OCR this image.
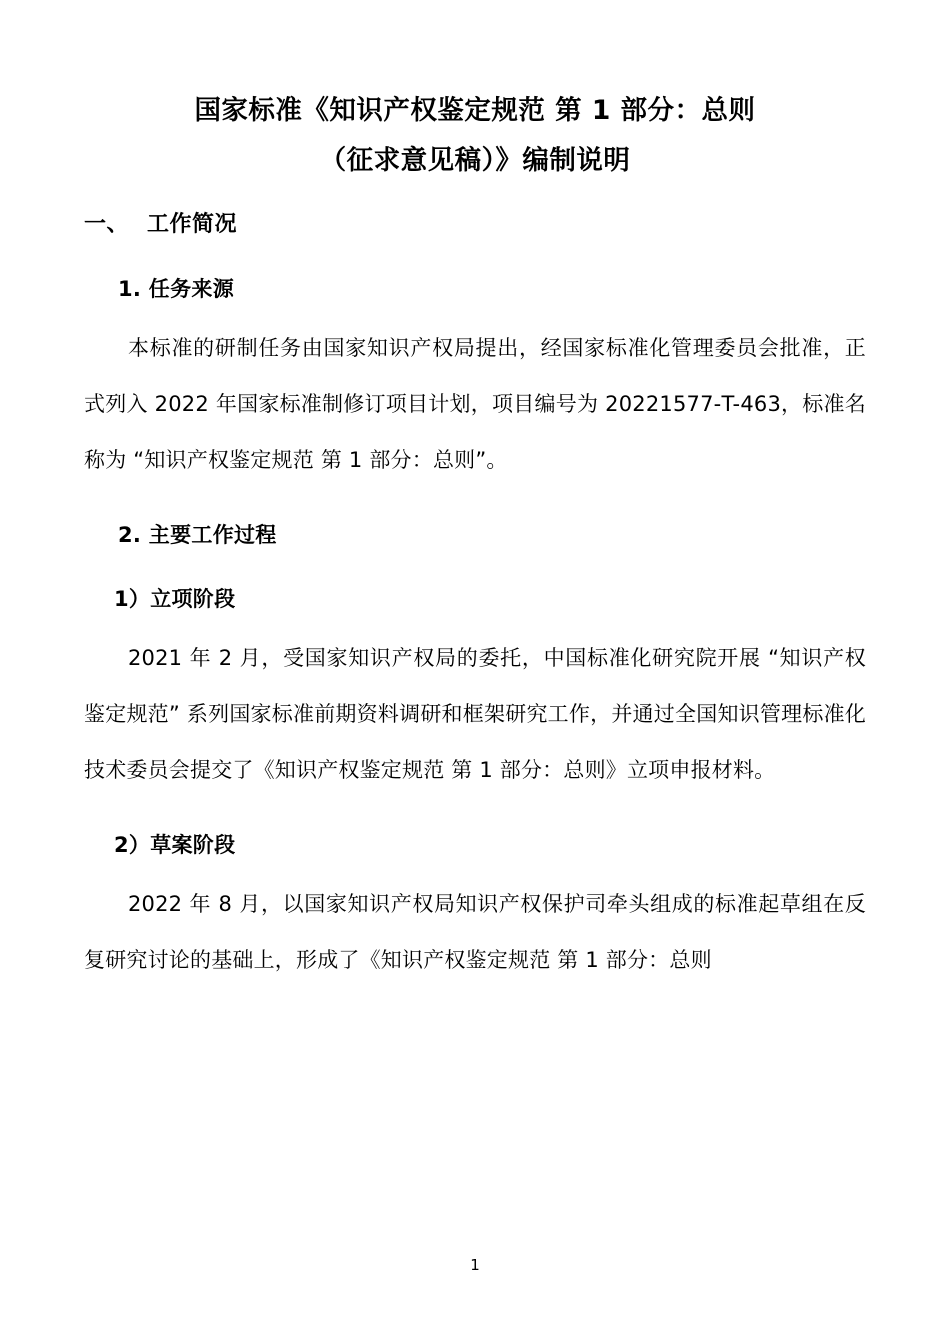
国家标准《知识产权鉴定规范 第 1 部分：总则
（征求意见稿）》编制说明
一、 工作简况
1. 任务来源

本标准的研制任务由国家知识产权局提出，经国家标准化管理委员会批准，正式列入 2022 年国家标准制修订项目计划，项目编号为 20221577-T-463，标准名称为 “知识产权鉴定规范 第 1 部分：总则”。

2. 主要工作过程
1）立项阶段

2021 年 2 月，受国家知识产权局的委托，中国标准化研究院开展 “知识产权鉴定规范” 系列国家标准前期资料调研和框架研究工作，并通过全国知识管理标准化技术委员会提交了《知识产权鉴定规范 第 1 部分：总则》立项申报材料。

2）草案阶段

2022 年 8 月，以国家知识产权局知识产权保护司牵头组成的标准起草组在反复研究讨论的基础上，形成了《知识产权鉴定规范 第 1 部分：总则

1
